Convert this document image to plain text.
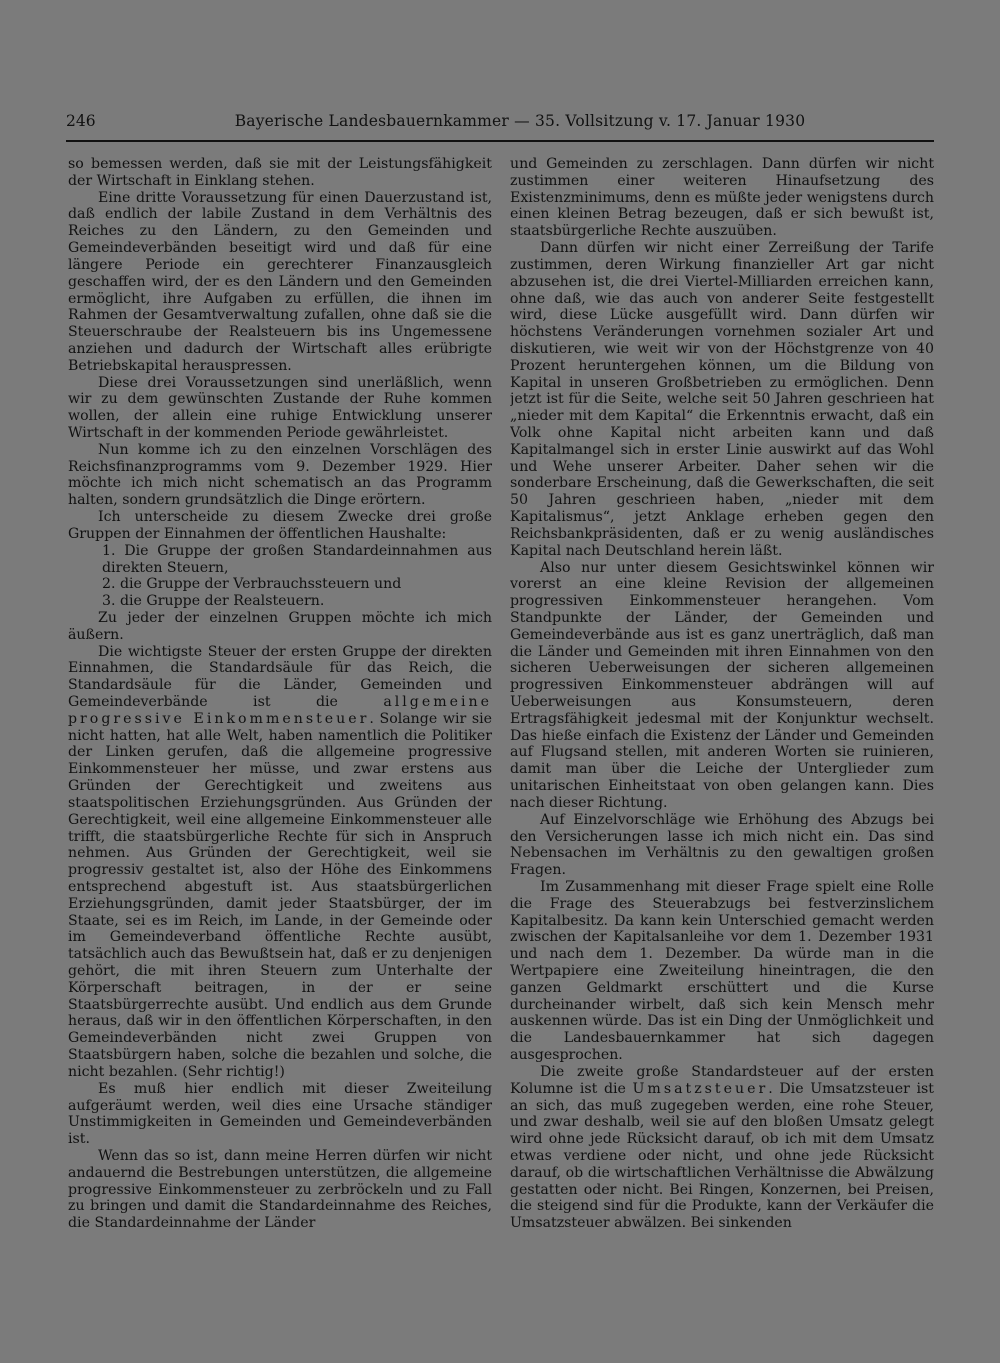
246	Bayerische Landesbauernkammer — 35. Vollsitzung v. 17. Januar 1930

so bemessen werden, daß sie mit der Leistungsfähigkeit der Wirtschaft in Einklang stehen.

Eine dritte Voraussetzung für einen Dauerzustand ist, daß endlich der labile Zustand in dem Verhältnis des Reiches zu den Ländern, zu den Gemeinden und Gemeindeverbänden beseitigt wird und daß für eine längere Periode ein gerechterer Finanzausgleich geschaffen wird, der es den Ländern und den Gemeinden ermöglicht, ihre Aufgaben zu erfüllen, die ihnen im Rahmen der Gesamtverwaltung zufallen, ohne daß sie die Steuerschraube der Realsteuern bis ins Ungemessene anziehen und dadurch der Wirtschaft alles erübrigte Betriebskapital herauspressen.

Diese drei Voraussetzungen sind unerläßlich, wenn wir zu dem gewünschten Zustande der Ruhe kommen wollen, der allein eine ruhige Entwicklung unserer Wirtschaft in der kommenden Periode gewährleistet.

Nun komme ich zu den einzelnen Vorschlägen des Reichsfinanzprogramms vom 9. Dezember 1929. Hier möchte ich mich nicht schematisch an das Programm halten, sondern grundsätzlich die Dinge erörtern.

Ich unterscheide zu diesem Zwecke drei große Gruppen der Einnahmen der öffentlichen Haushalte:

1. Die Gruppe der großen Standardeinnahmen aus direkten Steuern,

2. die Gruppe der Verbrauchssteuern und

3. die Gruppe der Realsteuern.

Zu jeder der einzelnen Gruppen möchte ich mich äußern.

Die wichtigste Steuer der ersten Gruppe der direkten Einnahmen, die Standardsäule für das Reich, die Standardsäule für die Länder, Gemeinden und Gemeindeverbände ist die allgemeine progressive Einkommensteuer. Solange wir sie nicht hatten, hat alle Welt, haben namentlich die Politiker der Linken gerufen, daß die allgemeine progressive Einkommensteuer her müsse, und zwar erstens aus Gründen der Gerechtigkeit und zweitens aus staatspolitischen Erziehungsgründen. Aus Gründen der Gerechtigkeit, weil eine allgemeine Einkommensteuer alle trifft, die staatsbürgerliche Rechte für sich in Anspruch nehmen. Aus Gründen der Gerechtigkeit, weil sie progressiv gestaltet ist, also der Höhe des Einkommens entsprechend abgestuft ist. Aus staatsbürgerlichen Erziehungsgründen, damit jeder Staatsbürger, der im Staate, sei es im Reich, im Lande, in der Gemeinde oder im Gemeindeverband öffentliche Rechte ausübt, tatsächlich auch das Bewußtsein hat, daß er zu denjenigen gehört, die mit ihren Steuern zum Unterhalte der Körperschaft beitragen, in der er seine Staatsbürgerrechte ausübt. Und endlich aus dem Grunde heraus, daß wir in den öffentlichen Körperschaften, in den Gemeindeverbänden nicht zwei Gruppen von Staatsbürgern haben, solche die bezahlen und solche, die nicht bezahlen. (Sehr richtig!)

Es muß hier endlich mit dieser Zweiteilung aufgeräumt werden, weil dies eine Ursache ständiger Unstimmigkeiten in Gemeinden und Gemeindeverbänden ist.

Wenn das so ist, dann meine Herren dürfen wir nicht andauernd die Bestrebungen unterstützen, die allgemeine progressive Einkommensteuer zu zerbröckeln und zu Fall zu bringen und damit die Standardeinnahme des Reiches, die Standardeinnahme der Länder

und Gemeinden zu zerschlagen. Dann dürfen wir nicht zustimmen einer weiteren Hinaufsetzung des Existenzminimums, denn es müßte jeder wenigstens durch einen kleinen Betrag bezeugen, daß er sich bewußt ist, staatsbürgerliche Rechte auszuüben.

Dann dürfen wir nicht einer Zerreißung der Tarife zustimmen, deren Wirkung finanzieller Art gar nicht abzusehen ist, die drei Viertel-Milliarden erreichen kann, ohne daß, wie das auch von anderer Seite festgestellt wird, diese Lücke ausgefüllt wird. Dann dürfen wir höchstens Veränderungen vornehmen sozialer Art und diskutieren, wie weit wir von der Höchstgrenze von 40 Prozent heruntergehen können, um die Bildung von Kapital in unseren Großbetrieben zu ermöglichen. Denn jetzt ist für die Seite, welche seit 50 Jahren geschrieen hat „nieder mit dem Kapital“ die Erkenntnis erwacht, daß ein Volk ohne Kapital nicht arbeiten kann und daß Kapitalmangel sich in erster Linie auswirkt auf das Wohl und Wehe unserer Arbeiter. Daher sehen wir die sonderbare Erscheinung, daß die Gewerkschaften, die seit 50 Jahren geschrieen haben, „nieder mit dem Kapitalismus“, jetzt Anklage erheben gegen den Reichsbankpräsidenten, daß er zu wenig ausländisches Kapital nach Deutschland herein läßt.

Also nur unter diesem Gesichtswinkel können wir vorerst an eine kleine Revision der allgemeinen progressiven Einkommensteuer herangehen. Vom Standpunkte der Länder, der Gemeinden und Gemeindeverbände aus ist es ganz unerträglich, daß man die Länder und Gemeinden mit ihren Einnahmen von den sicheren Ueberweisungen der sicheren allgemeinen progressiven Einkommensteuer abdrängen will auf Ueberweisungen aus Konsumsteuern, deren Ertragsfähigkeit jedesmal mit der Konjunktur wechselt. Das hieße einfach die Existenz der Länder und Gemeinden auf Flugsand stellen, mit anderen Worten sie ruinieren, damit man über die Leiche der Unterglieder zum unitarischen Einheitstaat von oben gelangen kann. Dies nach dieser Richtung.

Auf Einzelvorschläge wie Erhöhung des Abzugs bei den Versicherungen lasse ich mich nicht ein. Das sind Nebensachen im Verhältnis zu den gewaltigen großen Fragen.

Im Zusammenhang mit dieser Frage spielt eine Rolle die Frage des Steuerabzugs bei festverzinslichem Kapitalbesitz. Da kann kein Unterschied gemacht werden zwischen der Kapitalsanleihe vor dem 1. Dezember 1931 und nach dem 1. Dezember. Da würde man in die Wertpapiere eine Zweiteilung hineintragen, die den ganzen Geldmarkt erschüttert und die Kurse durcheinander wirbelt, daß sich kein Mensch mehr auskennen würde. Das ist ein Ding der Unmöglichkeit und die Landesbauernkammer hat sich dagegen ausgesprochen.

Die zweite große Standardsteuer auf der ersten Kolumne ist die Umsatzsteuer. Die Umsatzsteuer ist an sich, das muß zugegeben werden, eine rohe Steuer, und zwar deshalb, weil sie auf den bloßen Umsatz gelegt wird ohne jede Rücksicht darauf, ob ich mit dem Umsatz etwas verdiene oder nicht, und ohne jede Rücksicht darauf, ob die wirtschaftlichen Verhältnisse die Abwälzung gestatten oder nicht. Bei Ringen, Konzernen, bei Preisen, die steigend sind für die Produkte, kann der Verkäufer die Umsatzsteuer abwälzen. Bei sinkenden
